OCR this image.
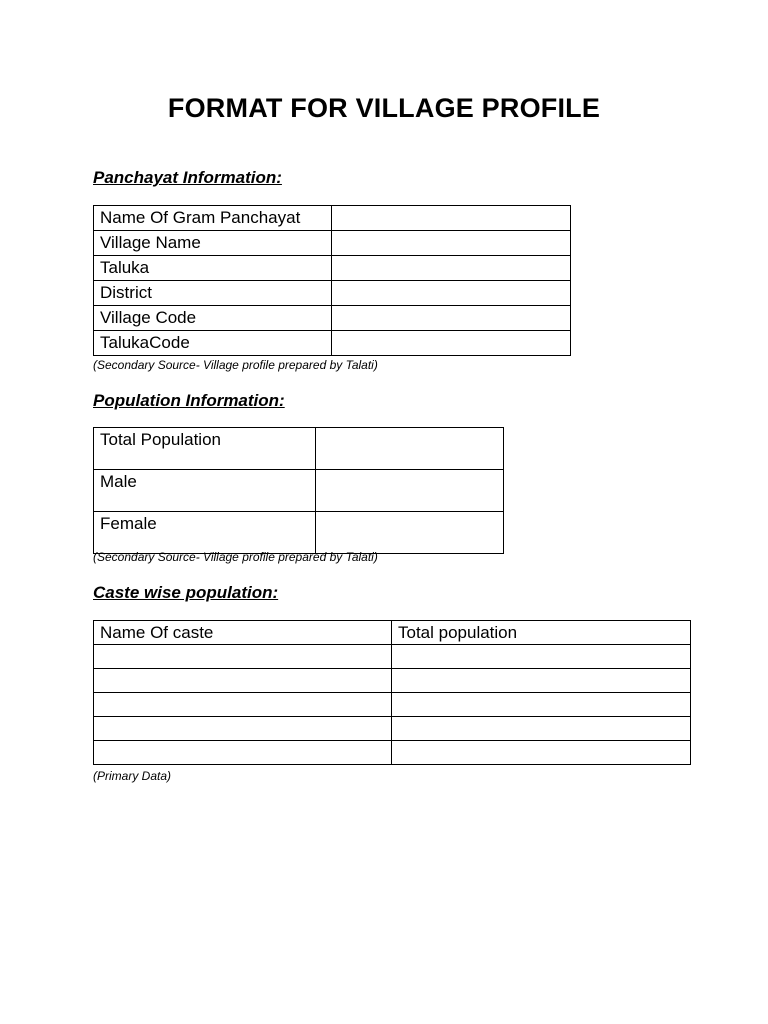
FORMAT FOR VILLAGE PROFILE
Panchayat Information:
Name Of Gram Panchayat	
Village Name	
Taluka	
District	
Village Code	
TalukaCode	
(Secondary Source- Village profile prepared by Talati)
Population Information:
Total Population	
Male	
Female	
(Secondary Source- Village profile prepared by Talati)
Caste wise population:
Name Of caste	Total population

(Primary Data)
